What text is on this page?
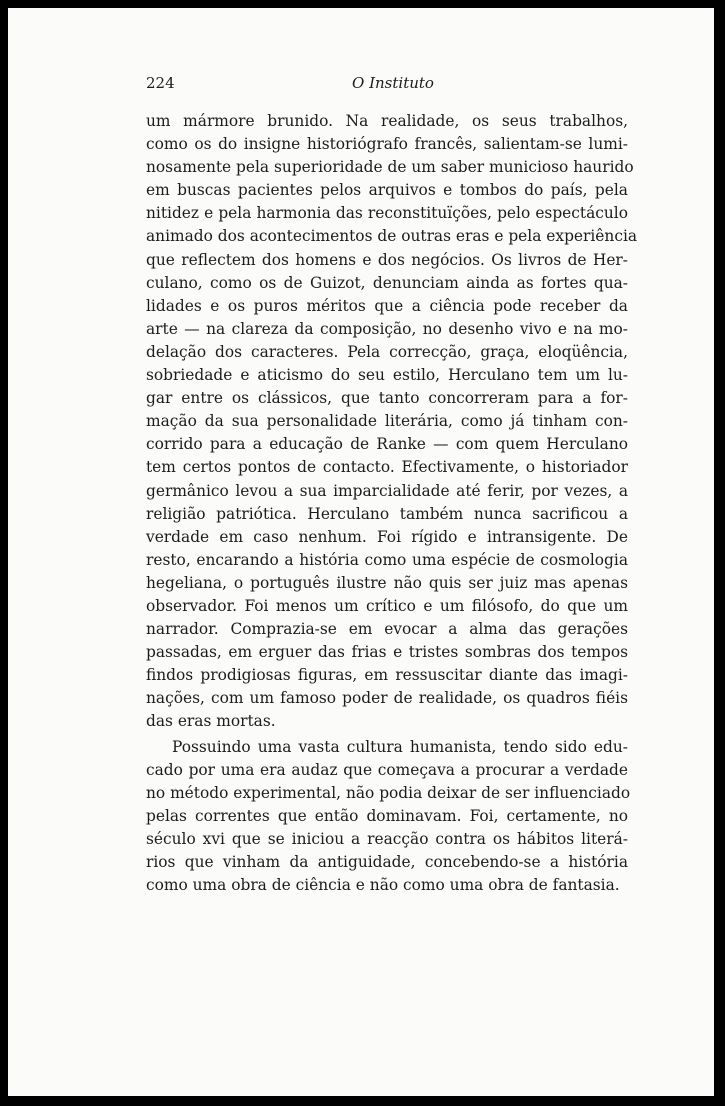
224	O Instituto
um mármore brunido. Na realidade, os seus trabalhos,
como os do insigne historiógrafo francês, salientam-se lumi-
nosamente pela superioridade de um saber municioso haurido
em buscas pacientes pelos arquivos e tombos do país, pela
nitidez e pela harmonia das reconstituïções, pelo espectáculo
animado dos acontecimentos de outras eras e pela experiência
que reflectem dos homens e dos negócios. Os livros de Her-
culano, como os de Guizot, denunciam ainda as fortes qua-
lidades e os puros méritos que a ciência pode receber da
arte — na clareza da composição, no desenho vivo e na mo-
delação dos caracteres. Pela correcção, graça, eloqüência,
sobriedade e aticismo do seu estilo, Herculano tem um lu-
gar entre os clássicos, que tanto concorreram para a for-
mação da sua personalidade literária, como já tinham con-
corrido para a educação de Ranke — com quem Herculano
tem certos pontos de contacto. Efectivamente, o historiador
germânico levou a sua imparcialidade até ferir, por vezes, a
religião patriótica. Herculano também nunca sacrificou a
verdade em caso nenhum. Foi rígido e intransigente. De
resto, encarando a história como uma espécie de cosmologia
hegeliana, o português ilustre não quis ser juiz mas apenas
observador. Foi menos um crítico e um filósofo, do que um
narrador. Comprazia-se em evocar a alma das gerações
passadas, em erguer das frias e tristes sombras dos tempos
findos prodigiosas figuras, em ressuscitar diante das imagi-
nações, com um famoso poder de realidade, os quadros fiéis
das eras mortas.
Possuindo uma vasta cultura humanista, tendo sido edu-
cado por uma era audaz que começava a procurar a verdade
no método experimental, não podia deixar de ser influenciado
pelas correntes que então dominavam. Foi, certamente, no
século xvi que se iniciou a reacção contra os hábitos literá-
rios que vinham da antiguidade, concebendo-se a história
como uma obra de ciência e não como uma obra de fantasia.
